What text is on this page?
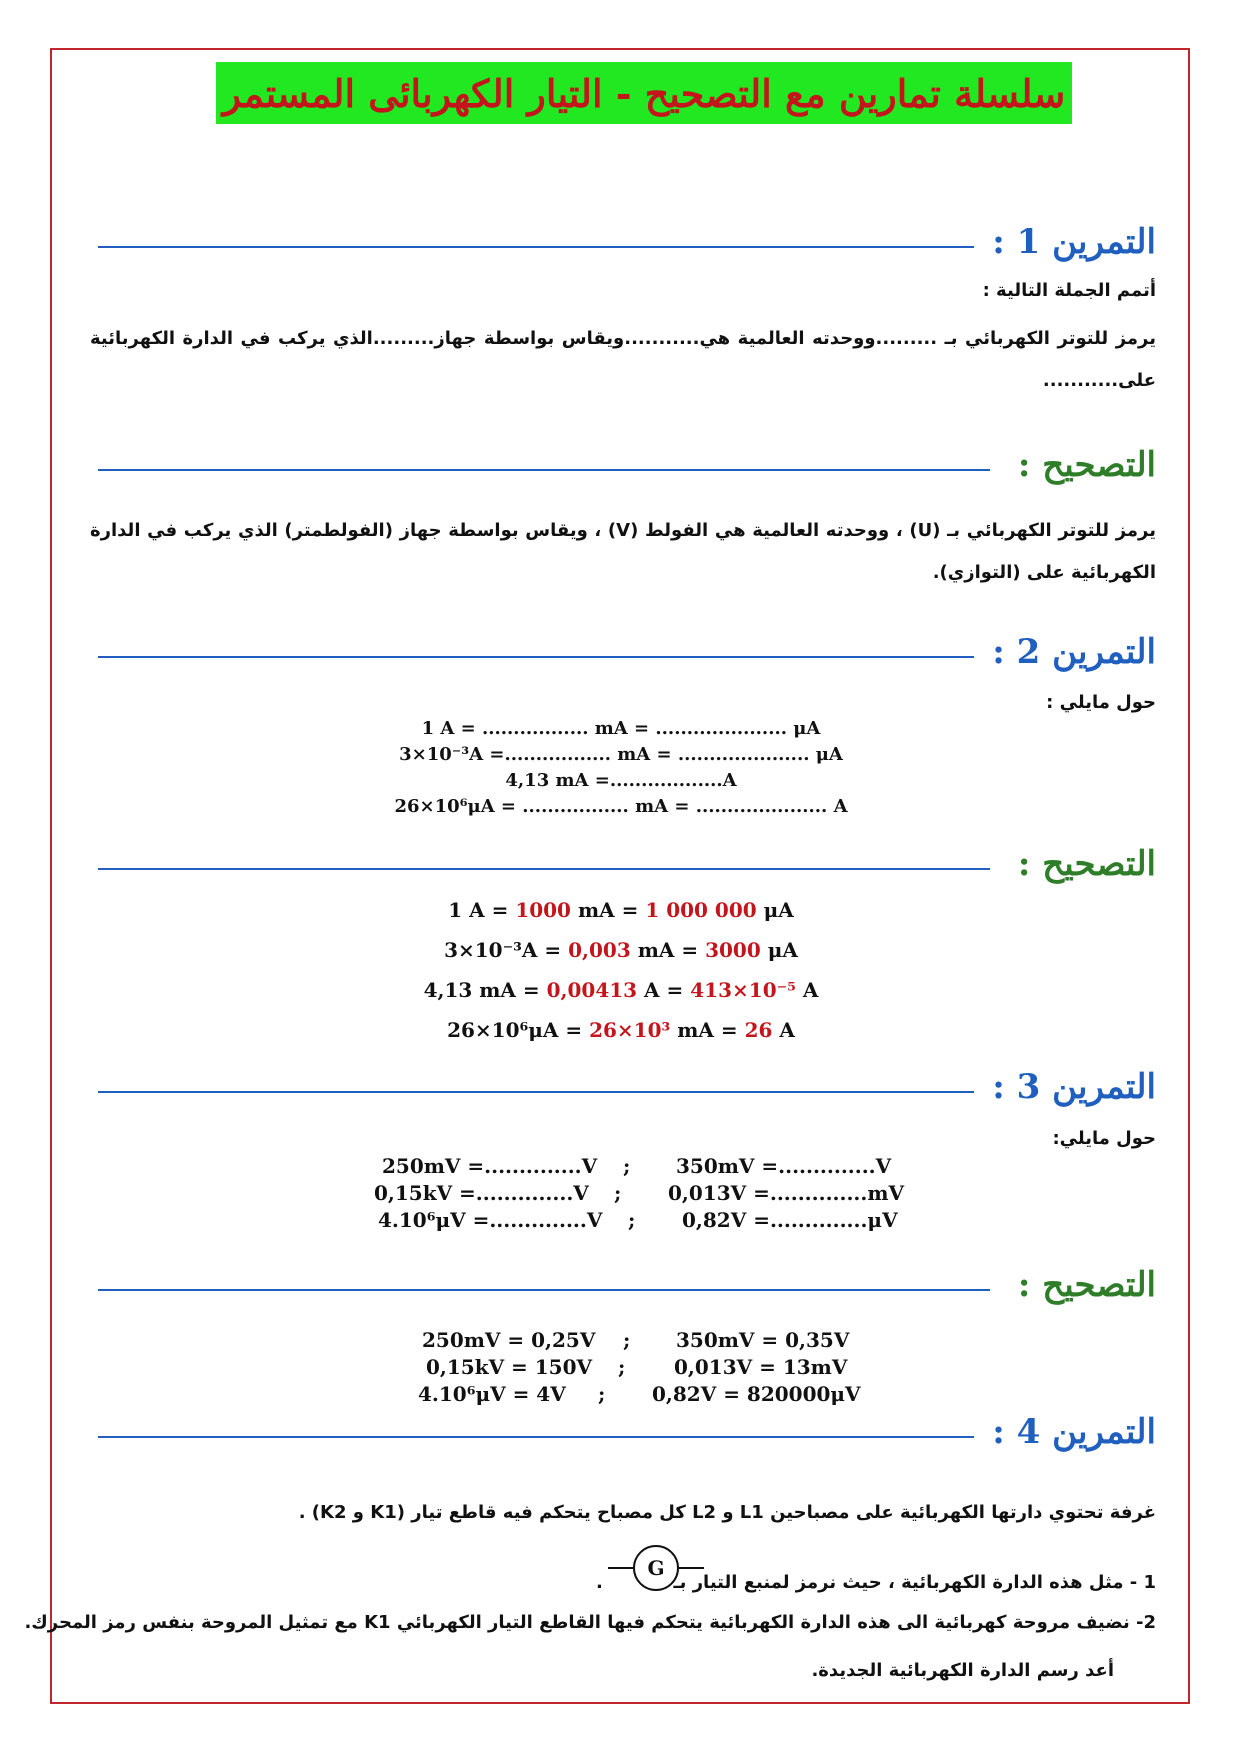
سلسلة تمارين مع التصحيح - التيار الكهربائى المستمر
التمرين 1 :
أتمم الجملة التالية :
يرمز للتوتر الكهربائي بـ .........ووحدته العالمية هي...........ويقاس بواسطة جهاز.........الذي يركب في الدارة الكهربائية على...........
التصحيح :
يرمز للتوتر الكهربائي بـ (U) ، ووحدته العالمية هي الفولط (V) ، ويقاس بواسطة جهاز (الفولطمتر) الذي يركب في الدارة الكهربائية على (التوازي).
التمرين 2 :
حول مايلي :
1 A = ................. mA = ..................... μA
3×10⁻³A =................. mA = ..................... μA
4,13 mA =..................A
26×10⁶μA = ................. mA = ..................... A
التصحيح :
1 A = 1000 mA = 1 000 000 μA
3×10⁻³A = 0,003 mA = 3000 μA
4,13 mA = 0,00413 A = 413×10⁻⁵ A
26×10⁶μA = 26×10³ mA = 26 A
التمرين 3 :
حول مايلي:
250mV =..............V ; 350mV =..............V
0,15kV =..............V ; 0,013V =..............mV
4.10⁶μV =..............V ; 0,82V =..............μV
التصحيح :
250mV = 0,25V ; 350mV = 0,35V
0,15kV = 150V ; 0,013V = 13mV
4.10⁶μV = 4V ; 0,82V = 820000μV
التمرين 4 :
غرفة تحتوي دارتها الكهربائية على مصباحين L1 و L2 كل مصباح يتحكم فيه قاطع تيار (K1 و K2) .
1 - مثل هذه الدارة الكهربائية ، حيث نرمز لمنبع التيار بـ
G
.
2- نضيف مروحة كهربائية الى هذه الدارة الكهربائية يتحكم فيها القاطع التيار الكهربائي K1 مع تمثيل المروحة بنفس رمز المحرك.
أعد رسم الدارة الكهربائية الجديدة.
